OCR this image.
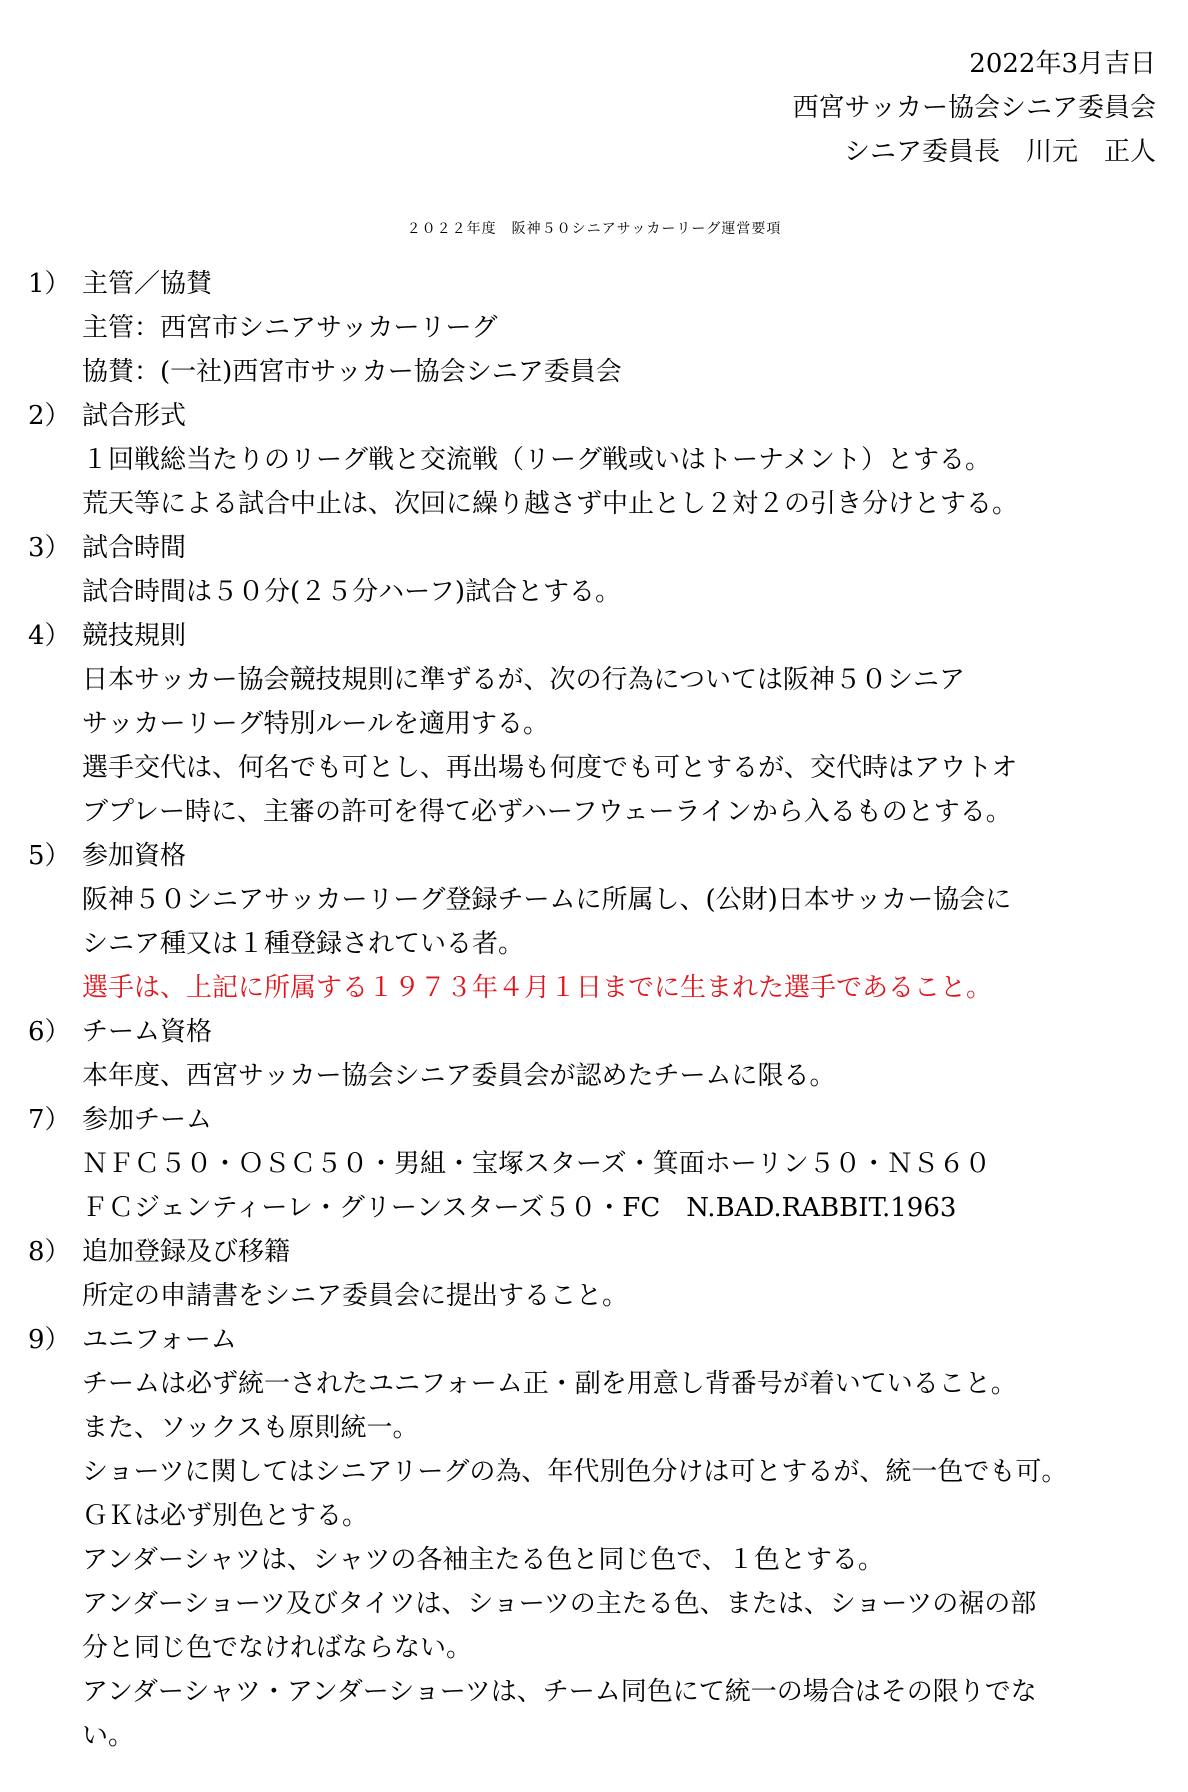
2022年3月吉日
西宮サッカー協会シニア委員会
シニア委員長　川元　正人
２０２２年度　阪神５０シニアサッカーリーグ運営要項
1） 主管／協賛
主管：西宮市シニアサッカーリーグ
協賛：(一社)西宮市サッカー協会シニア委員会
2） 試合形式
１回戦総当たりのリーグ戦と交流戦（リーグ戦或いはトーナメント）とする。
荒天等による試合中止は、次回に繰り越さず中止とし２対２の引き分けとする。
3） 試合時間
試合時間は５０分(２５分ハーフ)試合とする。
4） 競技規則
日本サッカー協会競技規則に準ずるが、次の行為については阪神５０シニア
サッカーリーグ特別ルールを適用する。
選手交代は、何名でも可とし、再出場も何度でも可とするが、交代時はアウトオ
ブプレー時に、主審の許可を得て必ずハーフウェーラインから入るものとする。
5） 参加資格
阪神５０シニアサッカーリーグ登録チームに所属し、(公財)日本サッカー協会に
シニア種又は１種登録されている者。
選手は、上記に所属する１９７３年４月１日までに生まれた選手であること。
6） チーム資格
本年度、西宮サッカー協会シニア委員会が認めたチームに限る。
7） 参加チーム
ＮＦＣ５０・ＯＳＣ５０・男組・宝塚スターズ・箕面ホーリン５０・ＮＳ６０
ＦＣジェンティーレ・グリーンスターズ５０・FC　N.BAD.RABBIT.1963
8） 追加登録及び移籍
所定の申請書をシニア委員会に提出すること。
9） ユニフォーム
チームは必ず統一されたユニフォーム正・副を用意し背番号が着いていること。
また、ソックスも原則統一。
ショーツに関してはシニアリーグの為、年代別色分けは可とするが、統一色でも可。
ＧＫは必ず別色とする。
アンダーシャツは、シャツの各袖主たる色と同じ色で、１色とする。
アンダーショーツ及びタイツは、ショーツの主たる色、または、ショーツの裾の部
分と同じ色でなければならない。
アンダーシャツ・アンダーショーツは、チーム同色にて統一の場合はその限りでな
い。
